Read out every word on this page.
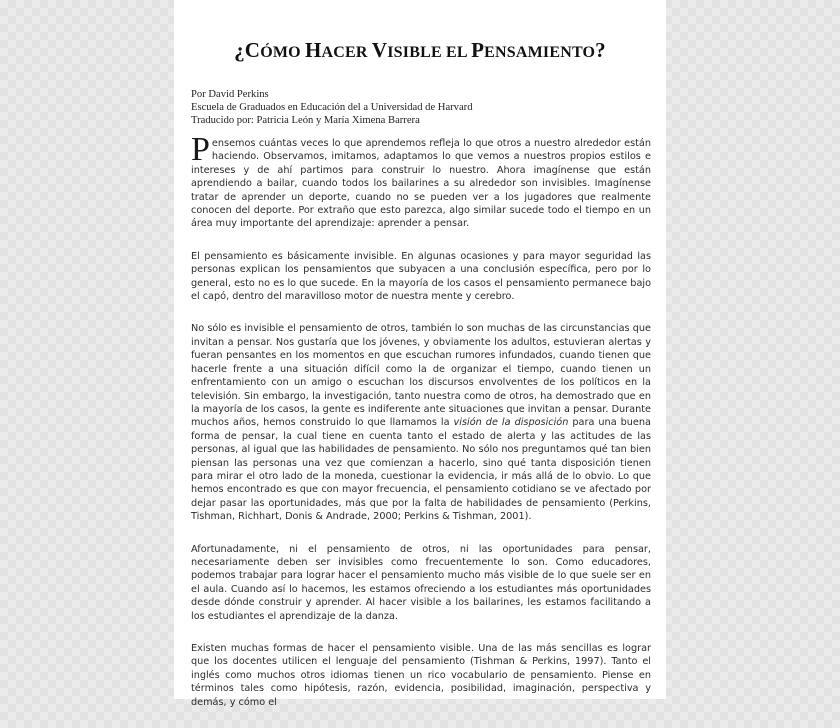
¿CÓMO HACER VISIBLE EL PENSAMIENTO?
Por David Perkins
Escuela de Graduados en Educación del a Universidad de Harvard
Traducido por: Patricia León y María Ximena Barrera

Pensemos cuántas veces lo que aprendemos refleja lo que otros a nuestro alrededor están haciendo. Observamos, imitamos, adaptamos lo que vemos a nuestros propios estilos e intereses y de ahí partimos para construir lo nuestro. Ahora imagínense que están aprendiendo a bailar, cuando todos los bailarines a su alrededor son invisibles. Imagínense tratar de aprender un deporte, cuando no se pueden ver a los jugadores que realmente conocen del deporte. Por extraño que esto parezca, algo similar sucede todo el tiempo en un área muy importante del aprendizaje: aprender a pensar.

El pensamiento es básicamente invisible. En algunas ocasiones y para mayor seguridad las personas explican los pensamientos que subyacen a una conclusión específica, pero por lo general, esto no es lo que sucede. En la mayoría de los casos el pensamiento permanece bajo el capó, dentro del maravilloso motor de nuestra mente y cerebro.

No sólo es invisible el pensamiento de otros, también lo son muchas de las circunstancias que invitan a pensar. Nos gustaría que los jóvenes, y obviamente los adultos, estuvieran alertas y fueran pensantes en los momentos en que escuchan rumores infundados, cuando tienen que hacerle frente a una situación difícil como la de organizar el tiempo, cuando tienen un enfrentamiento con un amigo o escuchan los discursos envolventes de los políticos en la televisión. Sin embargo, la investigación, tanto nuestra como de otros, ha demostrado que en la mayoría de los casos, la gente es indiferente ante situaciones que invitan a pensar. Durante muchos años, hemos construido lo que llamamos la visión de la disposición para una buena forma de pensar, la cual tiene en cuenta tanto el estado de alerta y las actitudes de las personas, al igual que las habilidades de pensamiento. No sólo nos preguntamos qué tan bien piensan las personas una vez que comienzan a hacerlo, sino qué tanta disposición tienen para mirar el otro lado de la moneda, cuestionar la evidencia, ir más allá de lo obvio. Lo que hemos encontrado es que con mayor frecuencia, el pensamiento cotidiano se ve afectado por dejar pasar las oportunidades, más que por la falta de habilidades de pensamiento (Perkins, Tishman, Richhart, Donis & Andrade, 2000; Perkins & Tishman, 2001).

Afortunadamente, ni el pensamiento de otros, ni las oportunidades para pensar, necesariamente deben ser invisibles como frecuentemente lo son. Como educadores, podemos trabajar para lograr hacer el pensamiento mucho más visible de lo que suele ser en el aula. Cuando así lo hacemos, les estamos ofreciendo a los estudiantes más oportunidades desde dónde construir y aprender. Al hacer visible a los bailarines, les estamos facilitando a los estudiantes el aprendizaje de la danza.

Existen muchas formas de hacer el pensamiento visible. Una de las más sencillas es lograr que los docentes utilicen el lenguaje del pensamiento (Tishman & Perkins, 1997). Tanto el inglés como muchos otros idiomas tienen un rico vocabulario de pensamiento. Piense en términos tales como hipótesis, razón, evidencia, posibilidad, imaginación, perspectiva y demás, y cómo el
